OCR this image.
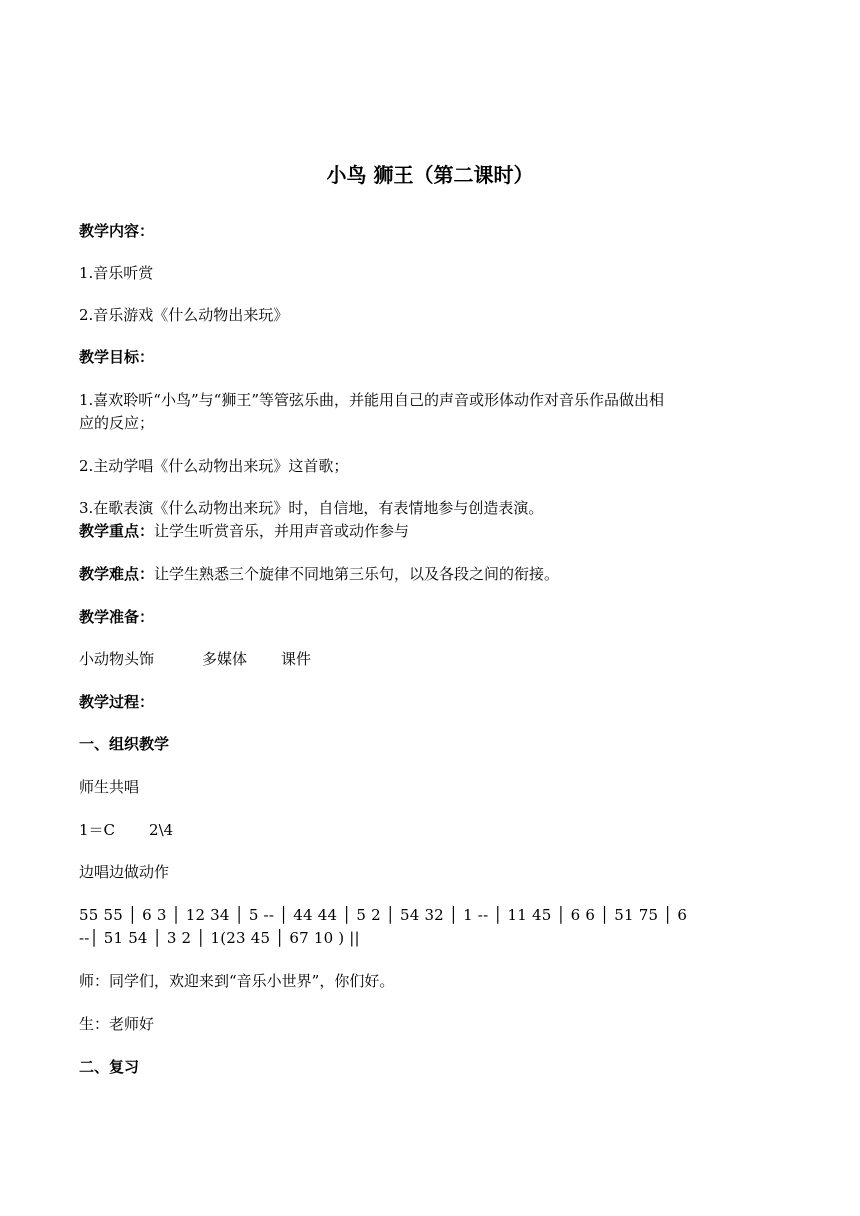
小鸟 狮王（第二课时）
教学内容：
1.音乐听赏
2.音乐游戏《什么动物出来玩》
教学目标：
1.喜欢聆听“小鸟”与“狮王”等管弦乐曲，并能用自己的声音或形体动作对音乐作品做出相
应的反应；
2.主动学唱《什么动物出来玩》这首歌；
3.在歌表演《什么动物出来玩》时，自信地，有表情地参与创造表演。
教学重点：让学生听赏音乐，并用声音或动作参与
教学难点：让学生熟悉三个旋律不同地第三乐句，以及各段之间的衔接。
教学准备：
小动物头饰	多媒体 课件
教学过程：
一、组织教学
师生共唱
1＝C 2\4
边唱边做动作
55 55 │ 6 3 │ 12 34 │ 5 -- │ 44 44 │ 5 2 │ 54 32 │ 1 -- │ 11 45 │ 6 6 │ 51 75 │ 6
--│ 51 54 │ 3 2 │ 1(23 45 │ 67 10 ) ||
师：同学们，欢迎来到“音乐小世界”，你们好。
生：老师好
二、复习
